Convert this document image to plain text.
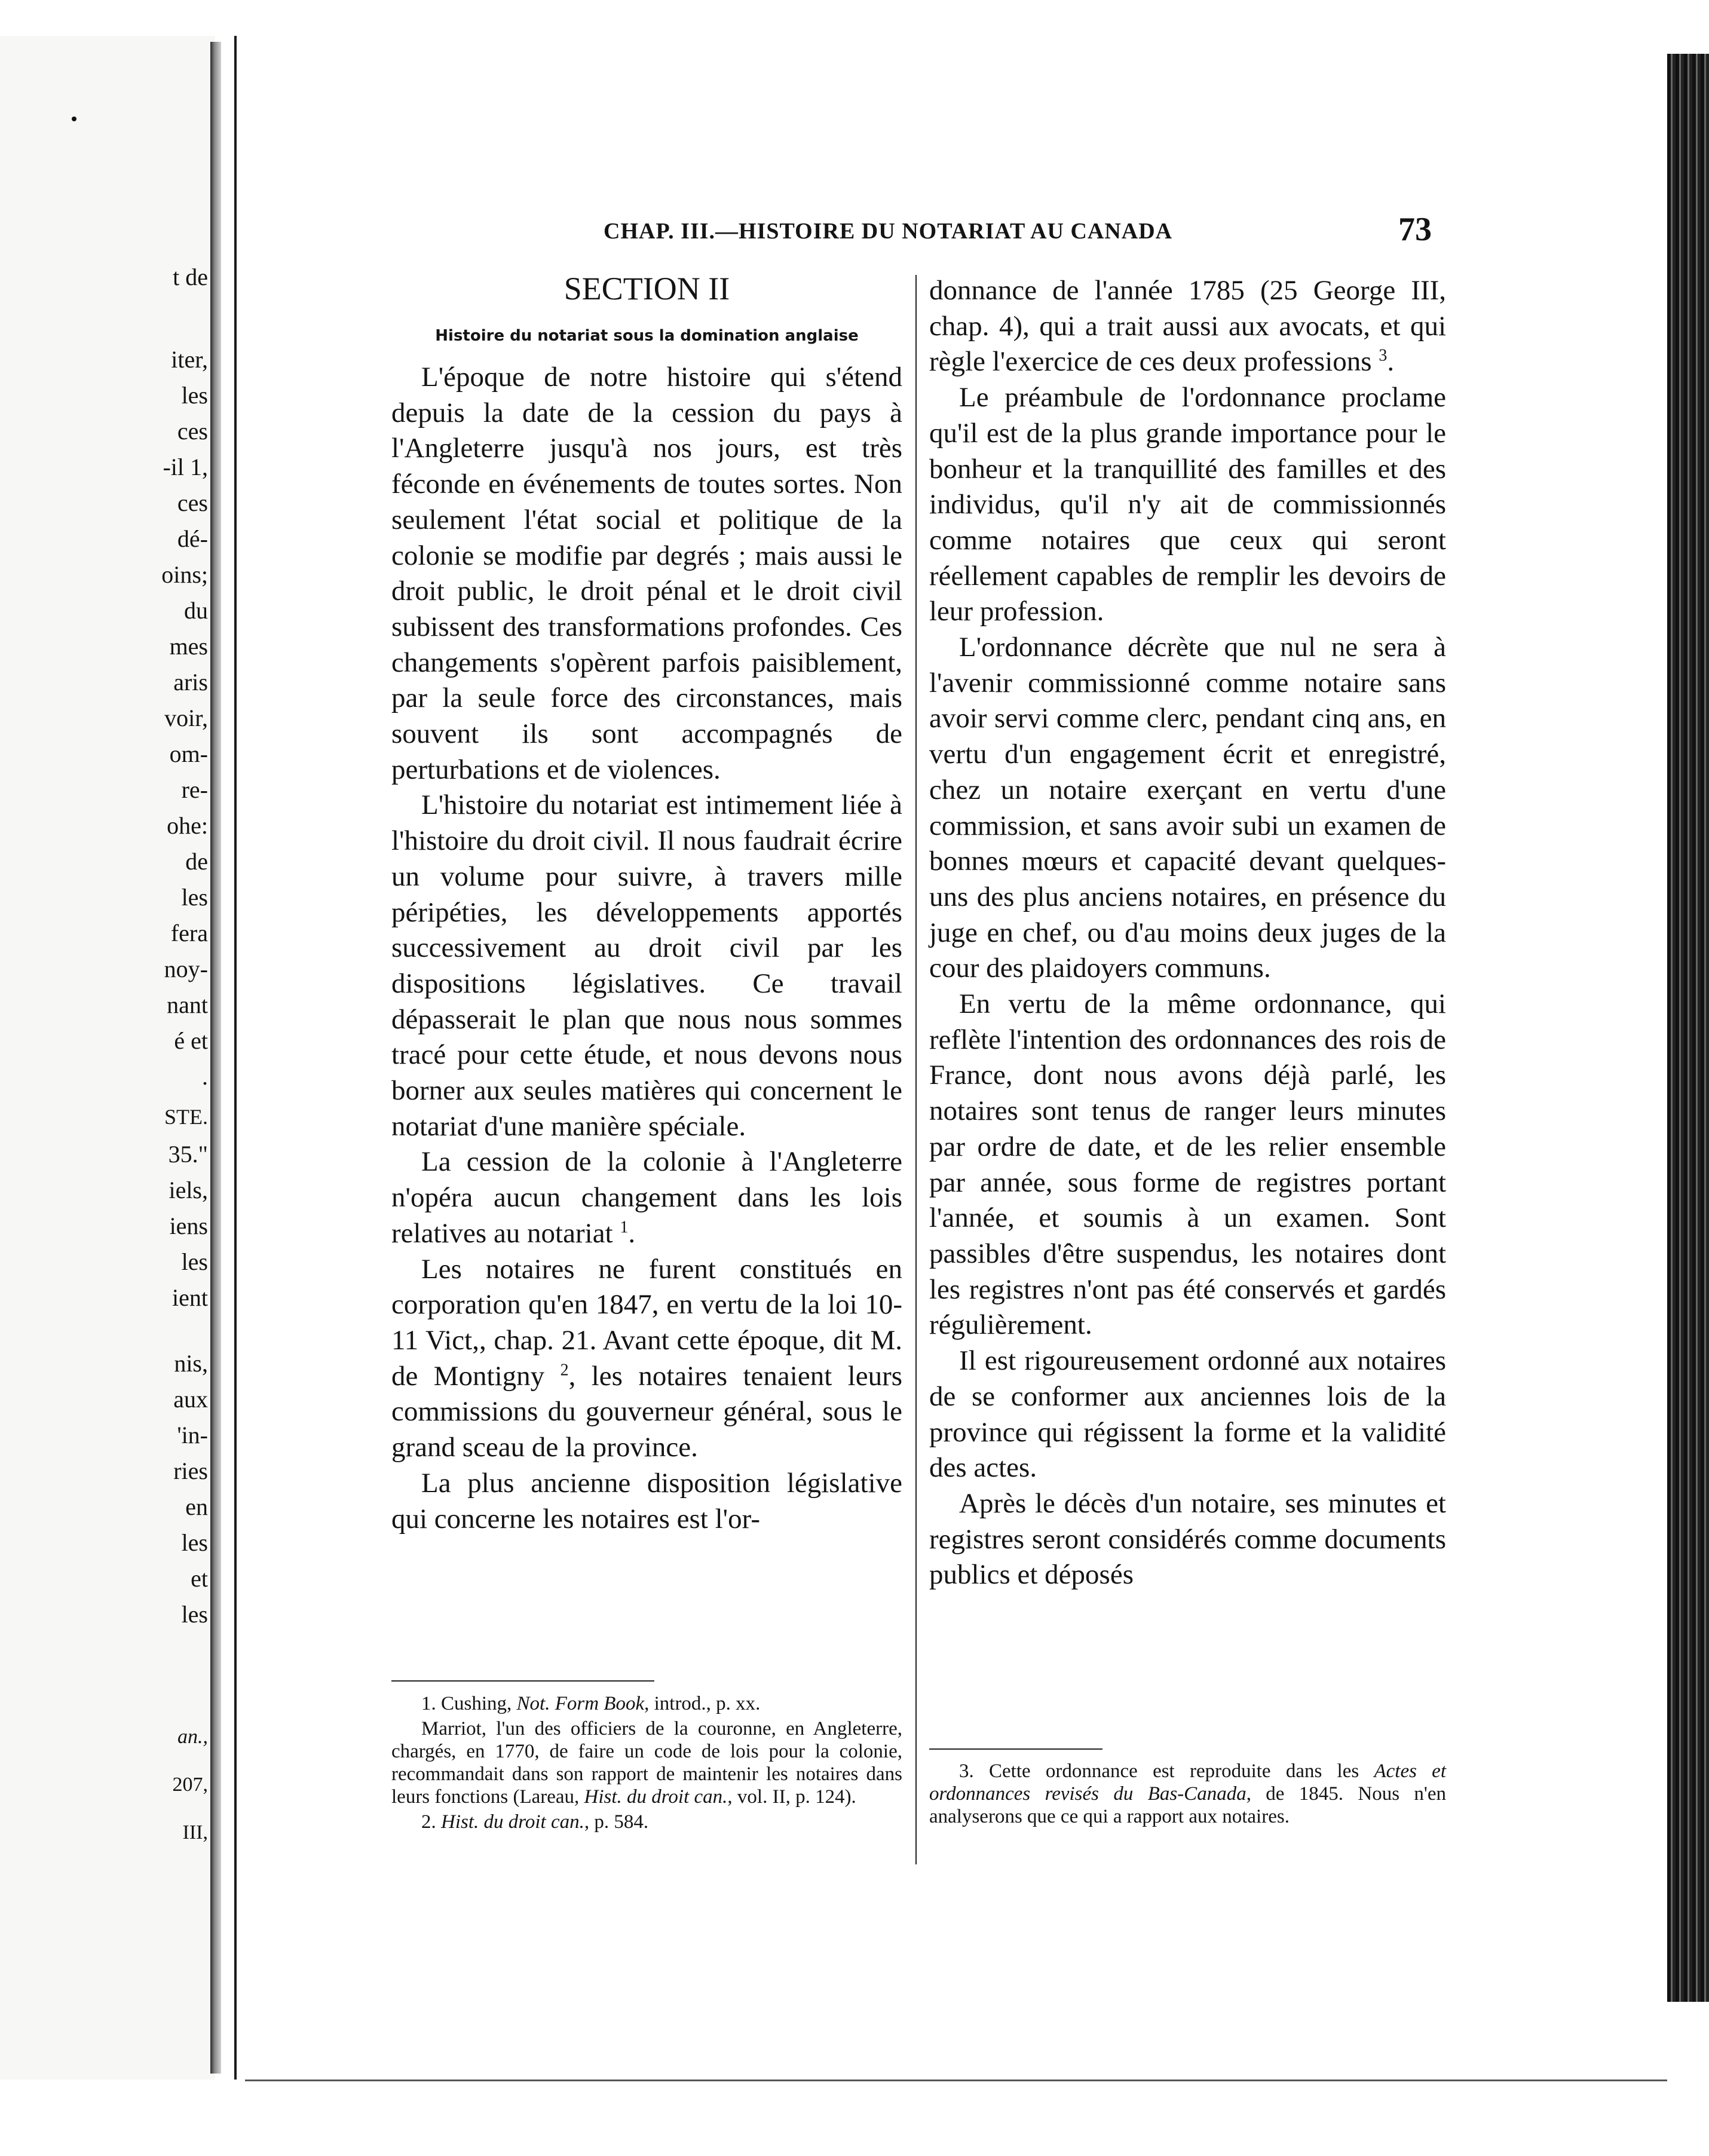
t de
iter,
les
ces
-il 1,
ces
dé-
oins;
du
mes
aris
voir,
om-
re-
ohe:
de
les
fera
noy-
nant
é et
.
STE.
35."
iels,
iens
les
ient
nis,
aux
'in-
ries
en
les
et
les
an.,
207,
III,
CHAP. III.—HISTOIRE DU NOTARIAT AU CANADA	73
SECTION II
Histoire du notariat sous la domination anglaise

L'époque de notre histoire qui s'étend depuis la date de la cession du pays à l'Angleterre jusqu'à nos jours, est très féconde en événements de toutes sortes. Non seulement l'état social et politique de la colonie se modifie par degrés ; mais aussi le droit public, le droit pénal et le droit civil subissent des transformations profondes. Ces changements s'opèrent parfois paisiblement, par la seule force des circonstances, mais souvent ils sont accompagnés de perturbations et de violences.

L'histoire du notariat est intimement liée à l'histoire du droit civil. Il nous faudrait écrire un volume pour suivre, à travers mille péripéties, les développements apportés successivement au droit civil par les dispositions législatives. Ce travail dépasserait le plan que nous nous sommes tracé pour cette étude, et nous devons nous borner aux seules matières qui concernent le notariat d'une manière spéciale.

La cession de la colonie à l'Angleterre n'opéra aucun changement dans les lois relatives au notariat $^1$.

Les notaires ne furent constitués en corporation qu'en 1847, en vertu de la loi 10-11 Vict,, chap. 21. Avant cette époque, dit M. de Montigny $^2$, les notaires tenaient leurs commissions du gouverneur général, sous le grand sceau de la province.

La plus ancienne disposition législative qui concerne les notaires est l'or-

donnance de l'année 1785 (25 George III, chap. 4), qui a trait aussi aux avocats, et qui règle l'exercice de ces deux professions $^3$.

Le préambule de l'ordonnance proclame qu'il est de la plus grande importance pour le bonheur et la tranquillité des familles et des individus, qu'il n'y ait de commissionnés comme notaires que ceux qui seront réellement capables de remplir les devoirs de leur profession.

L'ordonnance décrète que nul ne sera à l'avenir commissionné comme notaire sans avoir servi comme clerc, pendant cinq ans, en vertu d'un engagement écrit et enregistré, chez un notaire exerçant en vertu d'une commission, et sans avoir subi un examen de bonnes mœurs et capacité devant quelques-uns des plus anciens notaires, en présence du juge en chef, ou d'au moins deux juges de la cour des plaidoyers communs.

En vertu de la même ordonnance, qui reflète l'intention des ordonnances des rois de France, dont nous avons déjà parlé, les notaires sont tenus de ranger leurs minutes par ordre de date, et de les relier ensemble par année, sous forme de registres portant l'année, et soumis à un examen. Sont passibles d'être suspendus, les notaires dont les registres n'ont pas été conservés et gardés régulièrement.

Il est rigoureusement ordonné aux notaires de se conformer aux anciennes lois de la province qui régissent la forme et la validité des actes.

Après le décès d'un notaire, ses minutes et registres seront considérés comme documents publics et déposés

1. Cushing, Not. Form Book, introd., p. xx.

Marriot, l'un des officiers de la couronne, en Angleterre, chargés, en 1770, de faire un code de lois pour la colonie, recommandait dans son rapport de maintenir les notaires dans leurs fonctions (Lareau, Hist. du droit can., vol. II, p. 124).

2. Hist. du droit can., p. 584.

3. Cette ordonnance est reproduite dans les Actes et ordonnances revisés du Bas-Canada, de 1845. Nous n'en analyserons que ce qui a rapport aux notaires.
